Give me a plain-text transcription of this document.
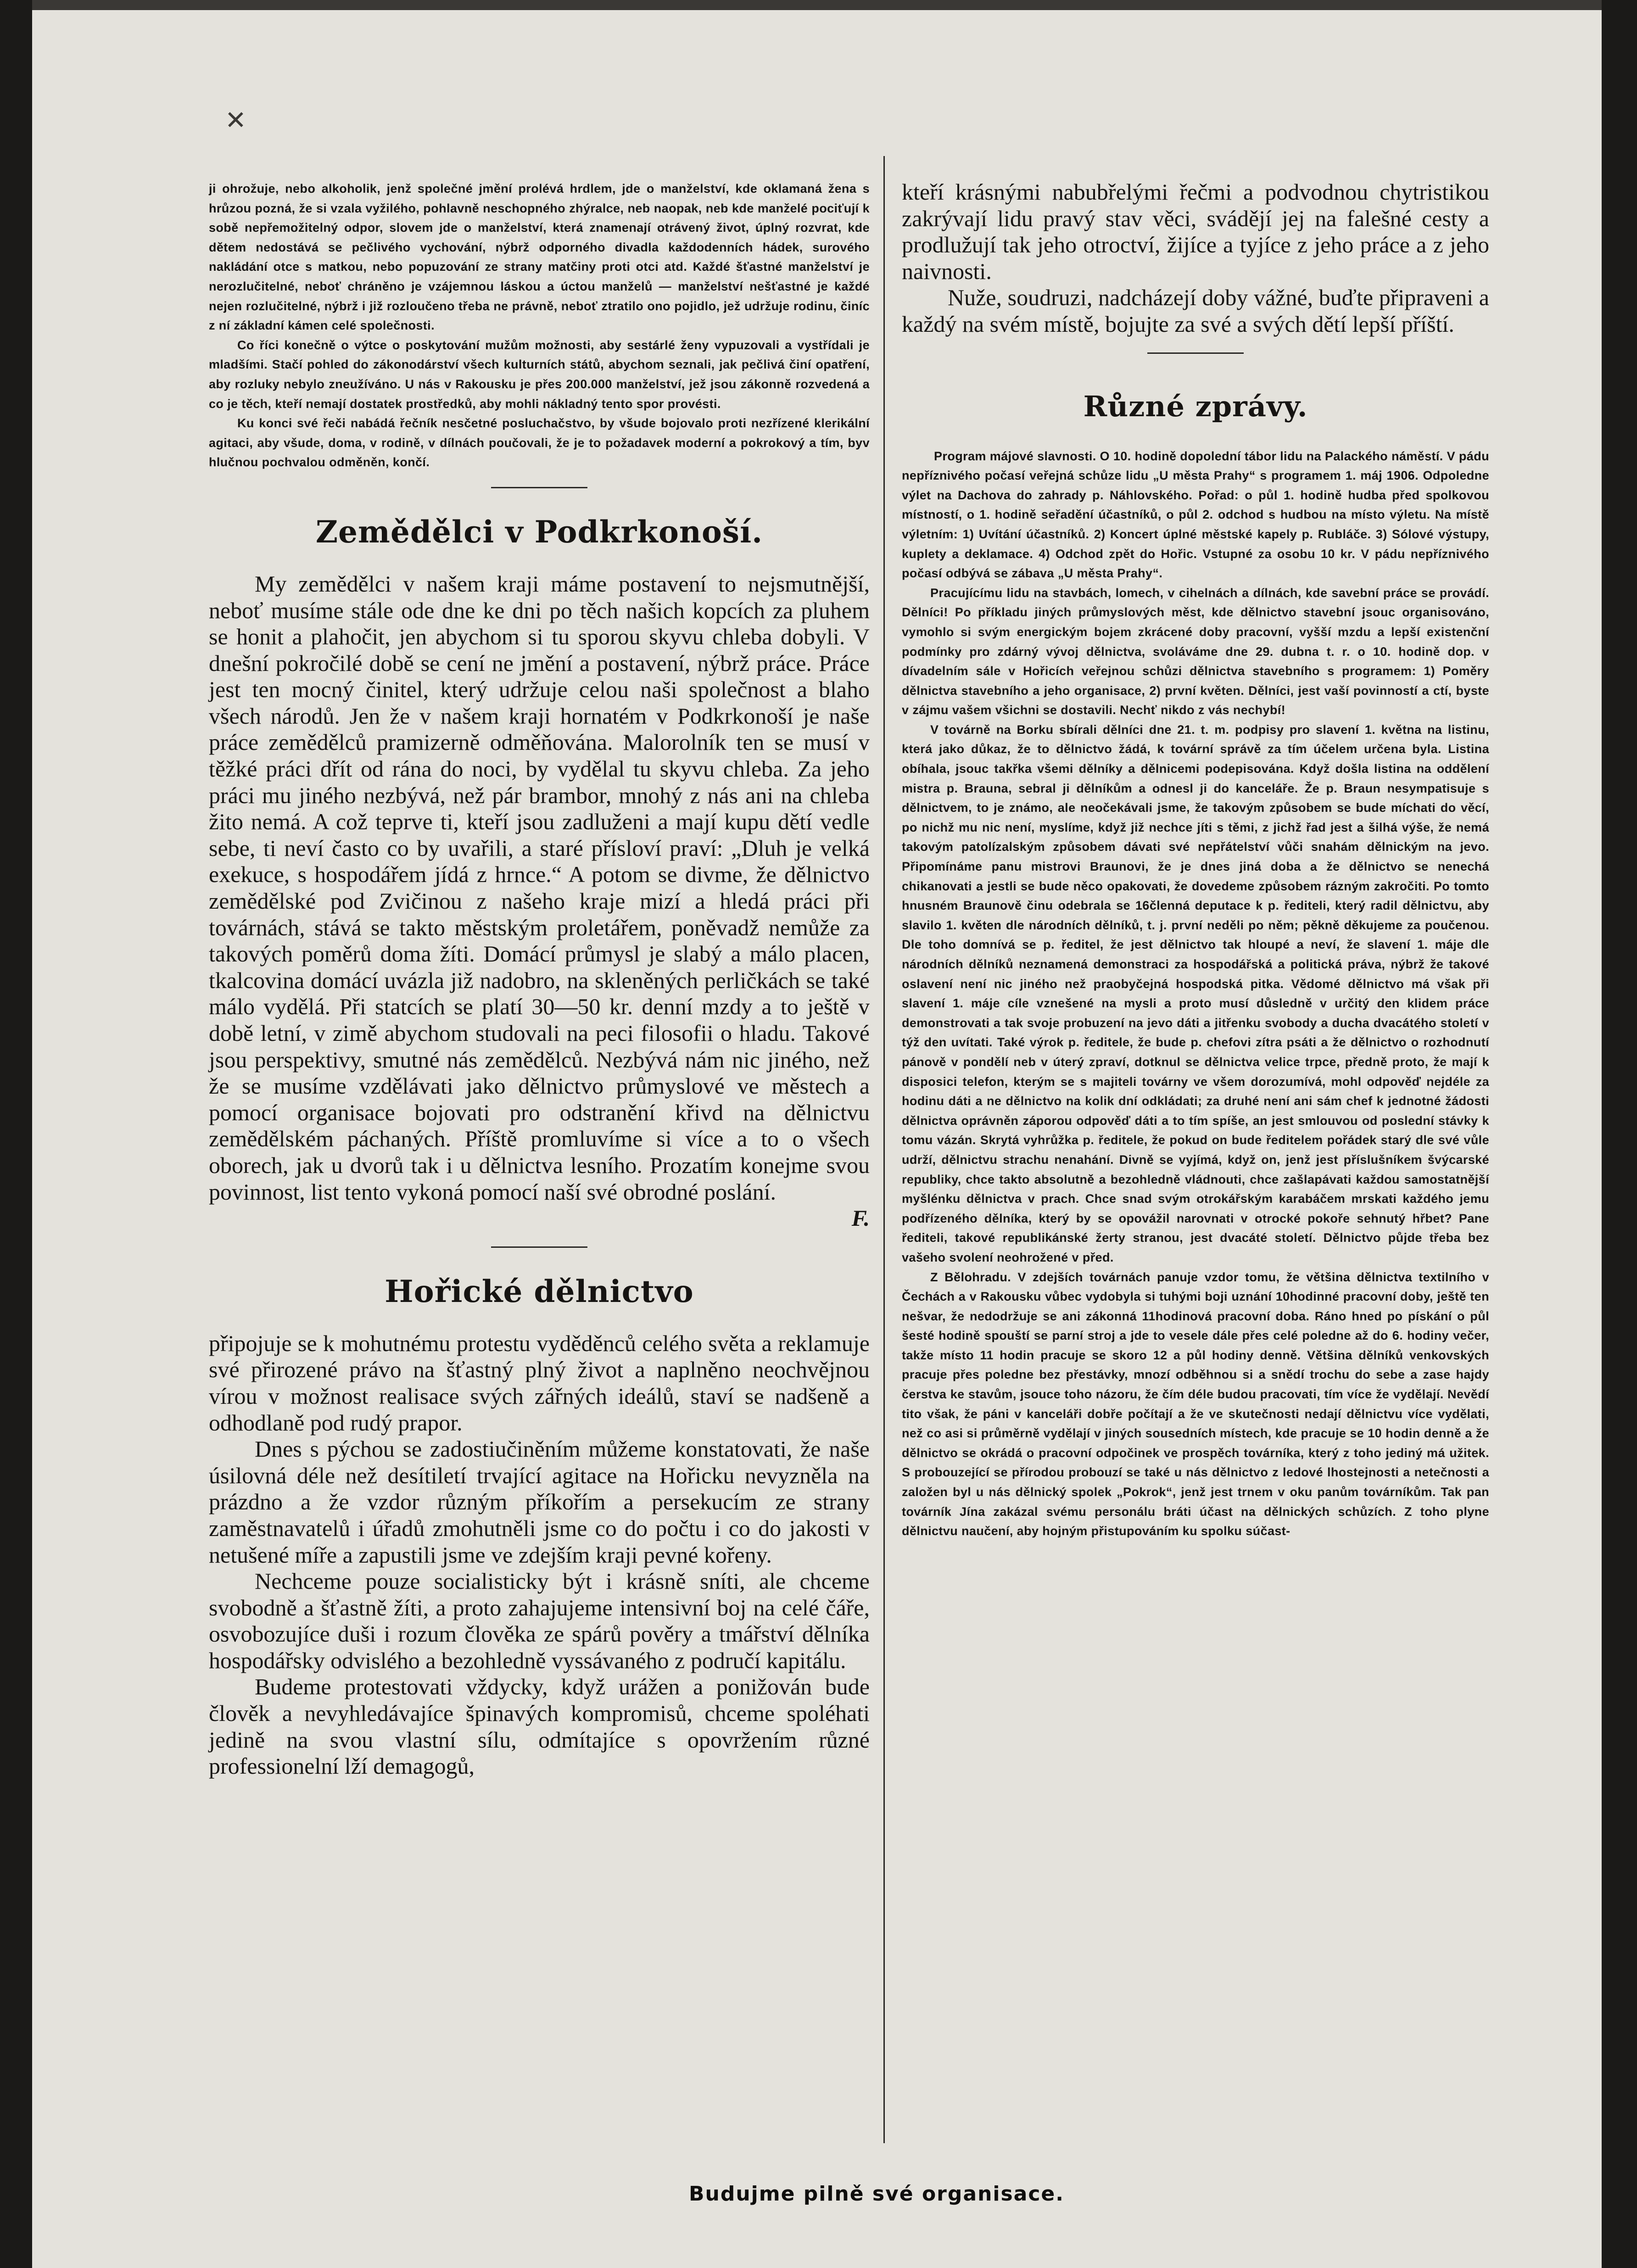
✕

ji ohrožuje, nebo alkoholik, jenž společné jmění prolévá hrdlem, jde o manželství, kde oklamaná žena s hrůzou pozná, že si vzala vyžilého, pohlavně neschopného zhýralce, neb naopak, neb kde manželé pociťují k sobě nepřemožitelný odpor, slovem jde o manželství, která znamenají otrávený život, úplný rozvrat, kde dětem nedostává se pečlivého vychování, nýbrž odporného divadla každodenních hádek, surového nakládání otce s matkou, nebo popuzování ze strany matčiny proti otci atd. Každé šťastné manželství je nerozlučitelné, neboť chráněno je vzájemnou láskou a úctou manželů — manželství nešťastné je každé nejen rozlučitelné, nýbrž i již rozloučeno třeba ne právně, neboť ztratilo ono pojidlo, jež udržuje rodinu, činíc z ní základní kámen celé společnosti.

Co říci konečně o výtce o poskytování mužům možnosti, aby sestárlé ženy vypuzovali a vystřídali je mladšími. Stačí pohled do zákonodárství všech kulturních států, abychom seznali, jak pečlivá činí opatření, aby rozluky nebylo zneužíváno. U nás v Rakousku je přes 200.000 manželství, jež jsou zákonně rozvedená a co je těch, kteří nemají dostatek prostředků, aby mohli nákladný tento spor provésti.

Ku konci své řeči nabádá řečník nesčetné posluchačstvo, by všude bojovalo proti nezřízené klerikální agitaci, aby všude, doma, v rodině, v dílnách poučovali, že je to požadavek moderní a pokrokový a tím, byv hlučnou pochvalou odměněn, končí.

Zemědělci v Podkrkonoší.

My zemědělci v našem kraji máme postavení to nejsmutnější, neboť musíme stále ode dne ke dni po těch našich kopcích za pluhem se honit a plahočit, jen abychom si tu sporou skyvu chleba dobyli. V dnešní pokročilé době se cení ne jmění a postavení, nýbrž práce. Práce jest ten mocný činitel, který udržuje celou naši společnost a blaho všech národů. Jen že v našem kraji hornatém v Podkrkonoší je naše práce zemědělců pramizerně odměňována. Malorolník ten se musí v těžké práci dřít od rána do noci, by vydělal tu skyvu chleba. Za jeho práci mu jiného nezbývá, než pár brambor, mnohý z nás ani na chleba žito nemá. A což teprve ti, kteří jsou zadluženi a mají kupu dětí vedle sebe, ti neví často co by uvařili, a staré přísloví praví: „Dluh je velká exekuce, s hospodářem jídá z hrnce.“ A potom se divme, že dělnictvo zemědělské pod Zvičinou z našeho kraje mizí a hledá práci při továrnách, stává se takto městským proletářem, poněvadž nemůže za takových poměrů doma žíti. Domácí průmysl je slabý a málo placen, tkalcovina domácí uvázla již nadobro, na skleněných perličkách se také málo vydělá. Při statcích se platí 30—50 kr. denní mzdy a to ještě v době letní, v zimě abychom studovali na peci filosofii o hladu. Takové jsou perspektivy, smutné nás zemědělců. Nezbývá nám nic jiného, než že se musíme vzdělávati jako dělnictvo průmyslové ve městech a pomocí organisace bojovati pro odstranění křivd na dělnictvu zemědělském páchaných. Příště promluvíme si více a to o všech oborech, jak u dvorů tak i u dělnictva lesního. Prozatím konejme svou povinnost, list tento vykoná pomocí naší své obrodné poslání.

F.

Hořické dělnictvo

připojuje se k mohutnému protestu vyděděnců celého světa a reklamuje své přirozené právo na šťastný plný život a naplněno neochvějnou vírou v možnost realisace svých zářných ideálů, staví se nadšeně a odhodlaně pod rudý prapor.

Dnes s pýchou se zadostiučiněním můžeme konstatovati, že naše úsilovná déle než desítiletí trvající agitace na Hořicku nevyzněla na prázdno a že vzdor různým příkořím a persekucím ze strany zaměstnavatelů i úřadů zmohutněli jsme co do počtu i co do jakosti v netušené míře a zapustili jsme ve zdejším kraji pevné kořeny.

Nechceme pouze socialisticky být i krásně sníti, ale chceme svobodně a šťastně žíti, a proto zahajujeme intensivní boj na celé čáře, osvobozujíce duši i rozum člověka ze spárů pověry a tmářství dělníka hospodářsky odvislého a bezohledně vyssávaného z područí kapitálu.

Budeme protestovati vždycky, když urážen a ponižován bude člověk a nevyhledávajíce špinavých kompromisů, chceme spoléhati jedině na svou vlastní sílu, odmítajíce s opovržením různé professionelní lží demagogů,

kteří krásnými nabubřelými řečmi a podvodnou chytristikou zakrývají lidu pravý stav věci, svádějí jej na falešné cesty a prodlužují tak jeho otroctví, žijíce a tyjíce z jeho práce a z jeho naivnosti.

Nuže, soudruzi, nadcházejí doby vážné, buďte připraveni a každý na svém místě, bojujte za své a svých dětí lepší příští.

Různé zprávy.

Program májové slavnosti. O 10. hodině dopolední tábor lidu na Palackého náměstí. V pádu nepříznivého počasí veřejná schůze lidu „U města Prahy“ s programem 1. máj 1906. Odpoledne výlet na Dachova do zahrady p. Náhlovského. Pořad: o půl 1. hodině hudba před spolkovou místností, o 1. hodině seřadění účastníků, o půl 2. odchod s hudbou na místo výletu. Na místě výletním: 1) Uvítání účastníků. 2) Koncert úplné městské kapely p. Rubláče. 3) Sólové výstupy, kuplety a deklamace. 4) Odchod zpět do Hořic. Vstupné za osobu 10 kr. V pádu nepříznivého počasí odbývá se zábava „U města Prahy“.

Pracujícímu lidu na stavbách, lomech, v cihelnách a dílnách, kde savební práce se provádí. Dělníci! Po příkladu jiných průmyslových měst, kde dělnictvo stavební jsouc organisováno, vymohlo si svým energickým bojem zkrácené doby pracovní, vyšší mzdu a lepší existenční podmínky pro zdárný vývoj dělnictva, svoláváme dne 29. dubna t. r. o 10. hodině dop. v dívadelním sále v Hořicích veřejnou schůzi dělnictva stavebního s programem: 1) Poměry dělnictva stavebního a jeho organisace, 2) první květen. Dělníci, jest vaší povinností a ctí, byste v zájmu vašem všichni se dostavili. Nechť nikdo z vás nechybí!

V továrně na Borku sbírali dělníci dne 21. t. m. podpisy pro slavení 1. května na listinu, která jako důkaz, že to dělnictvo žádá, k tovární správě za tím účelem určena byla. Listina obíhala, jsouc takřka všemi dělníky a dělnicemi podepisována. Když došla listina na oddělení mistra p. Brauna, sebral ji dělníkům a odnesl ji do kanceláře. Že p. Braun nesympatisuje s dělnictvem, to je známo, ale neočekávali jsme, že takovým způsobem se bude míchati do věcí, po nichž mu nic není, myslíme, když již nechce jíti s těmi, z jichž řad jest a šilhá výše, že nemá takovým patolízalským způsobem dávati své nepřátelství vůči snahám dělnickým na jevo. Připomínáme panu mistrovi Braunovi, že je dnes jiná doba a že dělnictvo se nenechá chikanovati a jestli se bude něco opakovati, že dovedeme způsobem rázným zakročiti. Po tomto hnusném Braunově činu odebrala se 16členná deputace k p. řediteli, který radil dělnictvu, aby slavilo 1. květen dle národních dělníků, t. j. první neděli po něm; pěkně děkujeme za poučenou. Dle toho domnívá se p. ředitel, že jest dělnictvo tak hloupé a neví, že slavení 1. máje dle národních dělníků neznamená demonstraci za hospodářská a politická práva, nýbrž že takové oslavení není nic jiného než praobyčejná hospodská pitka. Vědomé dělnictvo má však při slavení 1. máje cíle vznešené na mysli a proto musí důsledně v určitý den klidem práce demonstrovati a tak svoje probuzení na jevo dáti a jitřenku svobody a ducha dvacátého století v týž den uvítati. Také výrok p. ředitele, že bude p. chefovi zítra psáti a že dělnictvo o rozhodnutí pánově v pondělí neb v úterý zpraví, dotknul se dělnictva velice trpce, předně proto, že mají k disposici telefon, kterým se s majiteli továrny ve všem dorozumívá, mohl odpověď nejdéle za hodinu dáti a ne dělnictvo na kolik dní odkládati; za druhé není ani sám chef k jednotné žádosti dělnictva oprávněn záporou odpověď dáti a to tím spíše, an jest smlouvou od poslední stávky k tomu vázán. Skrytá vyhrůžka p. ředitele, že pokud on bude ředitelem pořádek starý dle své vůle udrží, dělnictvu strachu nenahání. Divně se vyjímá, když on, jenž jest příslušníkem švýcarské republiky, chce takto absolutně a bezohledně vládnouti, chce zašlapávati každou samostatnější myšlénku dělnictva v prach. Chce snad svým otrokářským karabáčem mrskati každého jemu podřízeného dělníka, který by se opovážil narovnati v otrocké pokoře sehnutý hřbet? Pane řediteli, takové republikánské žerty stranou, jest dvacáté století. Dělnictvo půjde třeba bez vašeho svolení neohrožené v před.

Z Bělohradu. V zdejších továrnách panuje vzdor tomu, že většina dělnictva textilního v Čechách a v Rakousku vůbec vydobyla si tuhými boji uznání 10hodinné pracovní doby, ještě ten nešvar, že nedodržuje se ani zákonná 11hodinová pracovní doba. Ráno hned po pískání o půl šesté hodině spouští se parní stroj a jde to vesele dále přes celé poledne až do 6. hodiny večer, takže místo 11 hodin pracuje se skoro 12 a půl hodiny denně. Většina dělníků venkovských pracuje přes poledne bez přestávky, mnozí odběhnou si a snědí trochu do sebe a zase hajdy čerstva ke stavům, jsouce toho názoru, že čím déle budou pracovati, tím více že vydělají. Nevědí tito však, že páni v kanceláři dobře počítají a že ve skutečnosti nedají dělnictvu více vydělati, než co asi si průměrně vydělají v jiných sousedních místech, kde pracuje se 10 hodin denně a že dělnictvo se okrádá o pracovní odpočinek ve prospěch továrníka, který z toho jediný má užitek. S probouzející se přírodou probouzí se také u nás dělnictvo z ledové lhostejnosti a netečnosti a založen byl u nás dělnický spolek „Pokrok“, jenž jest trnem v oku panům továrníkům. Tak pan továrník Jína zakázal svému personálu bráti účast na dělnických schůzích. Z toho plyne dělnictvu naučení, aby hojným přistupováním ku spolku súčast-

Budujme pilně své organisace.
